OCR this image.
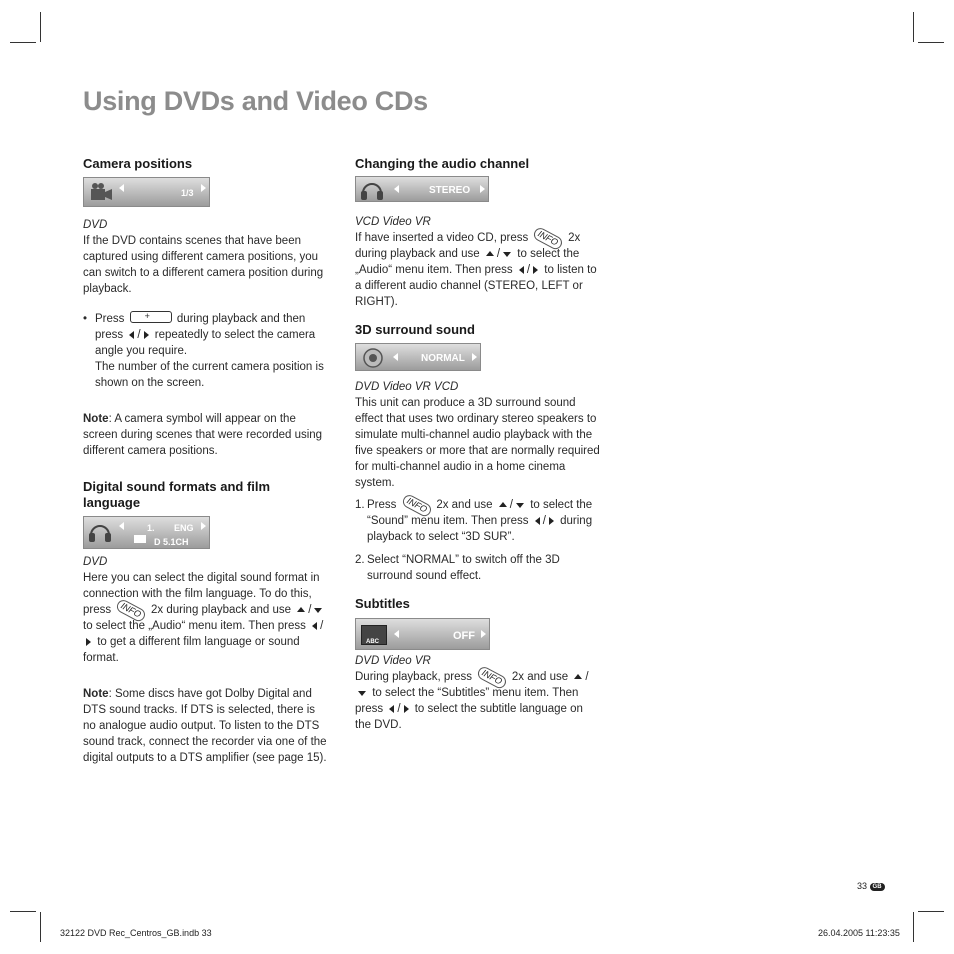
Using DVDs and Video CDs
Camera positions
1/3

DVD

If the DVD contains scenes that have been captured using different camera positions, you can switch to a different camera position during playback.

• Press + during playback and then press / repeatedly to select the camera angle you require.

The number of the current camera position is shown on the screen.

Note: A camera symbol will appear on the screen during scenes that were recorded using different camera positions.

Digital sound formats and film language
1. ENG
D 5.1CH

DVD

Here you can select the digital sound format in connection with the film language. To do this, press INFO 2x during playback and use / to select the „Audio“ menu item. Then press / to get a different film language or sound format.

Note: Some discs have got Dolby Digital and DTS sound tracks. If DTS is selected, there is no analogue audio output. To listen to the DTS sound track, connect the recorder via one of the digital outputs to a DTS amplifier (see page 15).

Changing the audio channel
STEREO

VCD Video VR

If have inserted a video CD, press INFO 2x during playback and use / to select the „Audio“ menu item. Then press / to listen to a different audio channel (STEREO, LEFT or RIGHT).

3D surround sound
NORMAL

DVD Video VR VCD

This unit can produce a 3D surround sound effect that uses two ordinary stereo speakers to simulate multi-channel audio playback with the five speakers or more that are normally required for multi-channel audio in a home cinema system.

1. Press INFO 2x and use / to select the “Sound” menu item. Then press / during playback to select “3D SUR”.
2. Select “NORMAL” to switch off the 3D surround sound effect.
Subtitles
ABC	OFF

DVD Video VR

During playback, press INFO 2x and use / to select the “Subtitles” menu item. Then press / to select the subtitle language on the DVD.

33 GB
32122 DVD Rec_Centros_GB.indb 33	26.04.2005 11:23:35
